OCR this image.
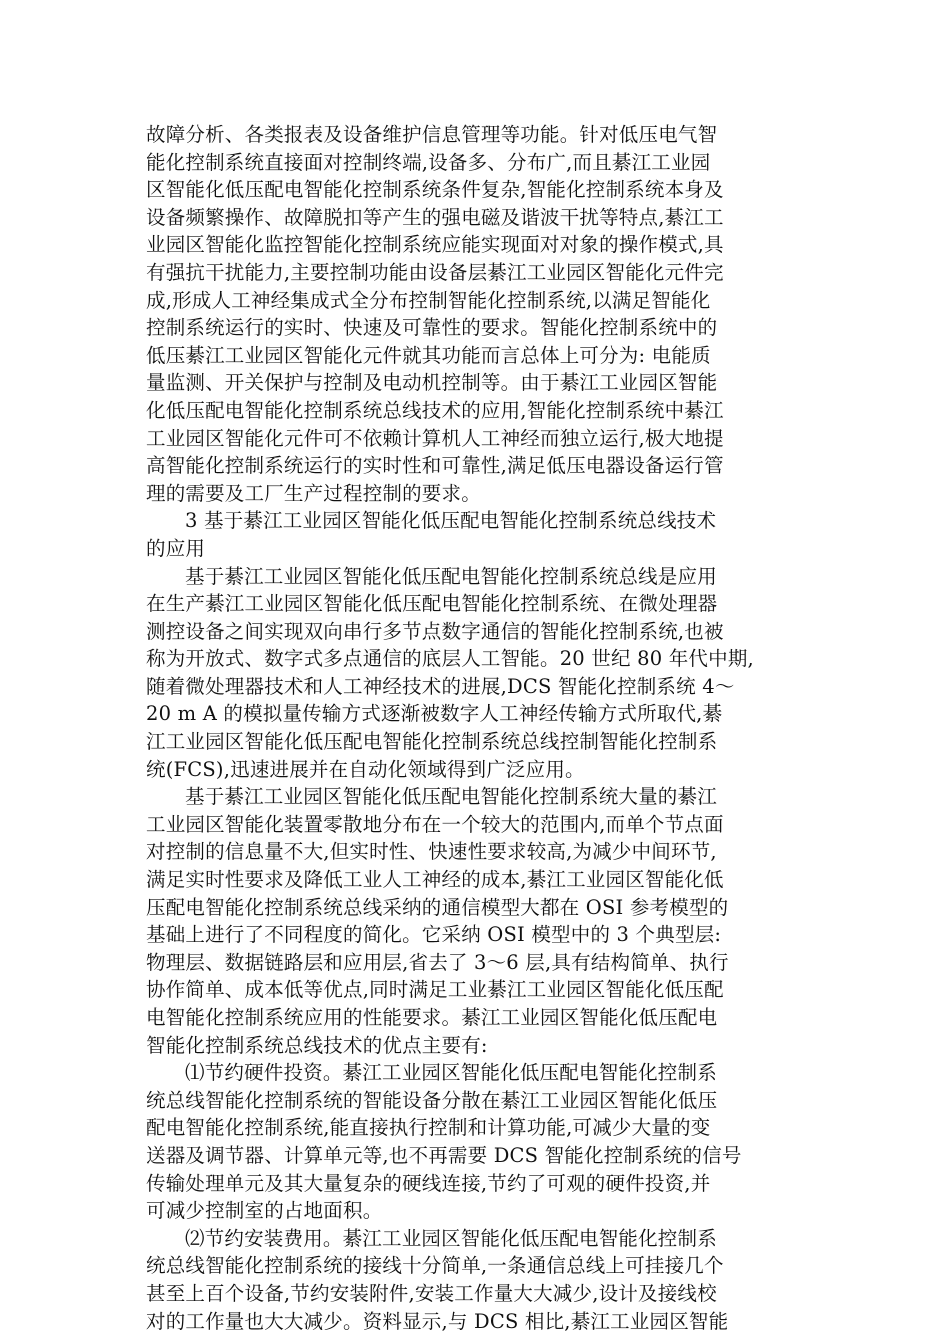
故障分析、各类报表及设备维护信息管理等功能。针对低压电气智
能化控制系统直接面对控制终端,设备多、分布广,而且綦江工业园
区智能化低压配电智能化控制系统条件复杂,智能化控制系统本身及
设备频繁操作、故障脱扣等产生的强电磁及谐波干扰等特点,綦江工
业园区智能化监控智能化控制系统应能实现面对对象的操作模式,具
有强抗干扰能力,主要控制功能由设备层綦江工业园区智能化元件完
成,形成人工神经集成式全分布控制智能化控制系统,以满足智能化
控制系统运行的实时、快速及可靠性的要求。智能化控制系统中的
低压綦江工业园区智能化元件就其功能而言总体上可分为: 电能质
量监测、开关保护与控制及电动机控制等。由于綦江工业园区智能
化低压配电智能化控制系统总线技术的应用,智能化控制系统中綦江
工业园区智能化元件可不依赖计算机人工神经而独立运行,极大地提
高智能化控制系统运行的实时性和可靠性,满足低压电器设备运行管
理的需要及工厂生产过程控制的要求。
3 基于綦江工业园区智能化低压配电智能化控制系统总线技术
的应用
基于綦江工业园区智能化低压配电智能化控制系统总线是应用
在生产綦江工业园区智能化低压配电智能化控制系统、在微处理器
测控设备之间实现双向串行多节点数字通信的智能化控制系统,也被
称为开放式、数字式多点通信的底层人工智能。20 世纪 80 年代中期,
随着微处理器技术和人工神经技术的进展,DCS 智能化控制系统 4～
20 m A 的模拟量传输方式逐渐被数字人工神经传输方式所取代,綦
江工业园区智能化低压配电智能化控制系统总线控制智能化控制系
统(FCS),迅速进展并在自动化领域得到广泛应用。
基于綦江工业园区智能化低压配电智能化控制系统大量的綦江
工业园区智能化装置零散地分布在一个较大的范围内,而单个节点面
对控制的信息量不大,但实时性、快速性要求较高,为减少中间环节,
满足实时性要求及降低工业人工神经的成本,綦江工业园区智能化低
压配电智能化控制系统总线采纳的通信模型大都在 OSI 参考模型的
基础上进行了不同程度的简化。它采纳 OSI 模型中的 3 个典型层:
物理层、数据链路层和应用层,省去了 3～6 层,具有结构简单、执行
协作简单、成本低等优点,同时满足工业綦江工业园区智能化低压配
电智能化控制系统应用的性能要求。綦江工业园区智能化低压配电
智能化控制系统总线技术的优点主要有:
⑴节约硬件投资。綦江工业园区智能化低压配电智能化控制系
统总线智能化控制系统的智能设备分散在綦江工业园区智能化低压
配电智能化控制系统,能直接执行控制和计算功能,可减少大量的变
送器及调节器、计算单元等,也不再需要 DCS 智能化控制系统的信号
传输处理单元及其大量复杂的硬线连接,节约了可观的硬件投资,并
可减少控制室的占地面积。
⑵节约安装费用。綦江工业园区智能化低压配电智能化控制系
统总线智能化控制系统的接线十分简单,一条通信总线上可挂接几个
甚至上百个设备,节约安装附件,安装工作量大大减少,设计及接线校
对的工作量也大大减少。资料显示,与 DCS 相比,綦江工业园区智能
